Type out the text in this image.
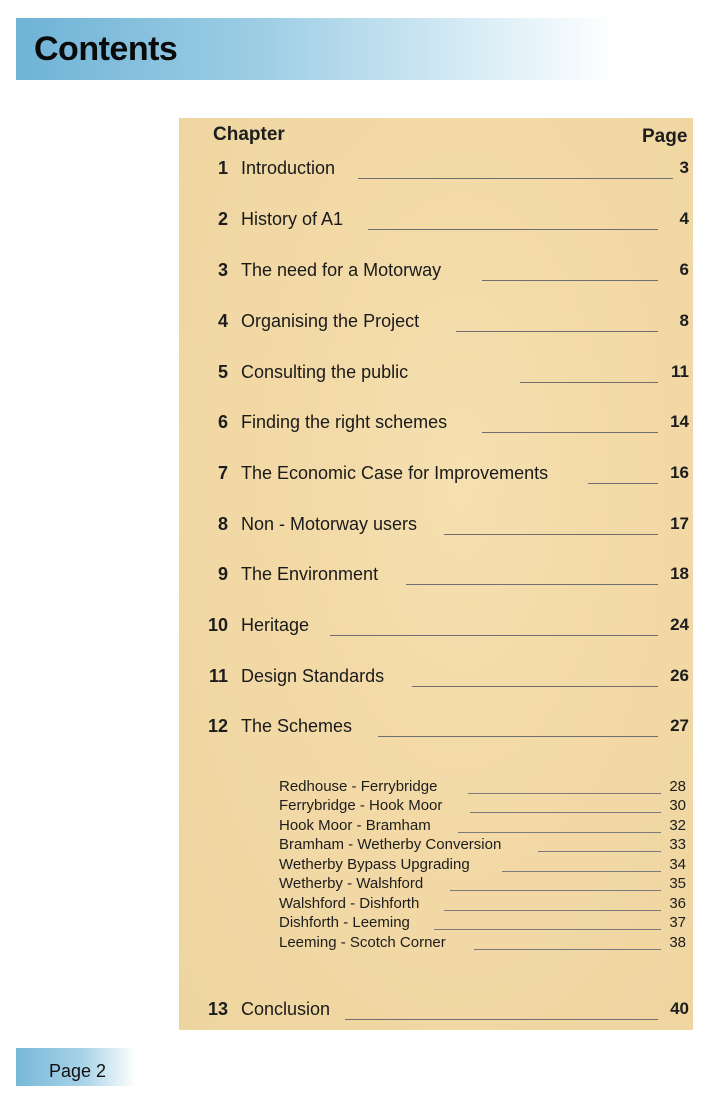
Contents
Chapter	Page
1 Introduction	3
2 History of A1	4
3 The need for a Motorway	6
4 Organising the Project	8
5 Consulting the public	11
6 Finding the right schemes	14
7 The Economic Case for Improvements	16
8 Non - Motorway users	17
9 The Environment	18
10 Heritage	24
11 Design Standards	26
12 The Schemes	27
Redhouse - Ferrybridge	28
Ferrybridge - Hook Moor	30
Hook Moor - Bramham	32
Bramham - Wetherby Conversion	33
Wetherby Bypass Upgrading	34
Wetherby - Walshford	35
Walshford - Dishforth	36
Dishforth - Leeming	37
Leeming - Scotch Corner	38
13 Conclusion	40
Page 2
